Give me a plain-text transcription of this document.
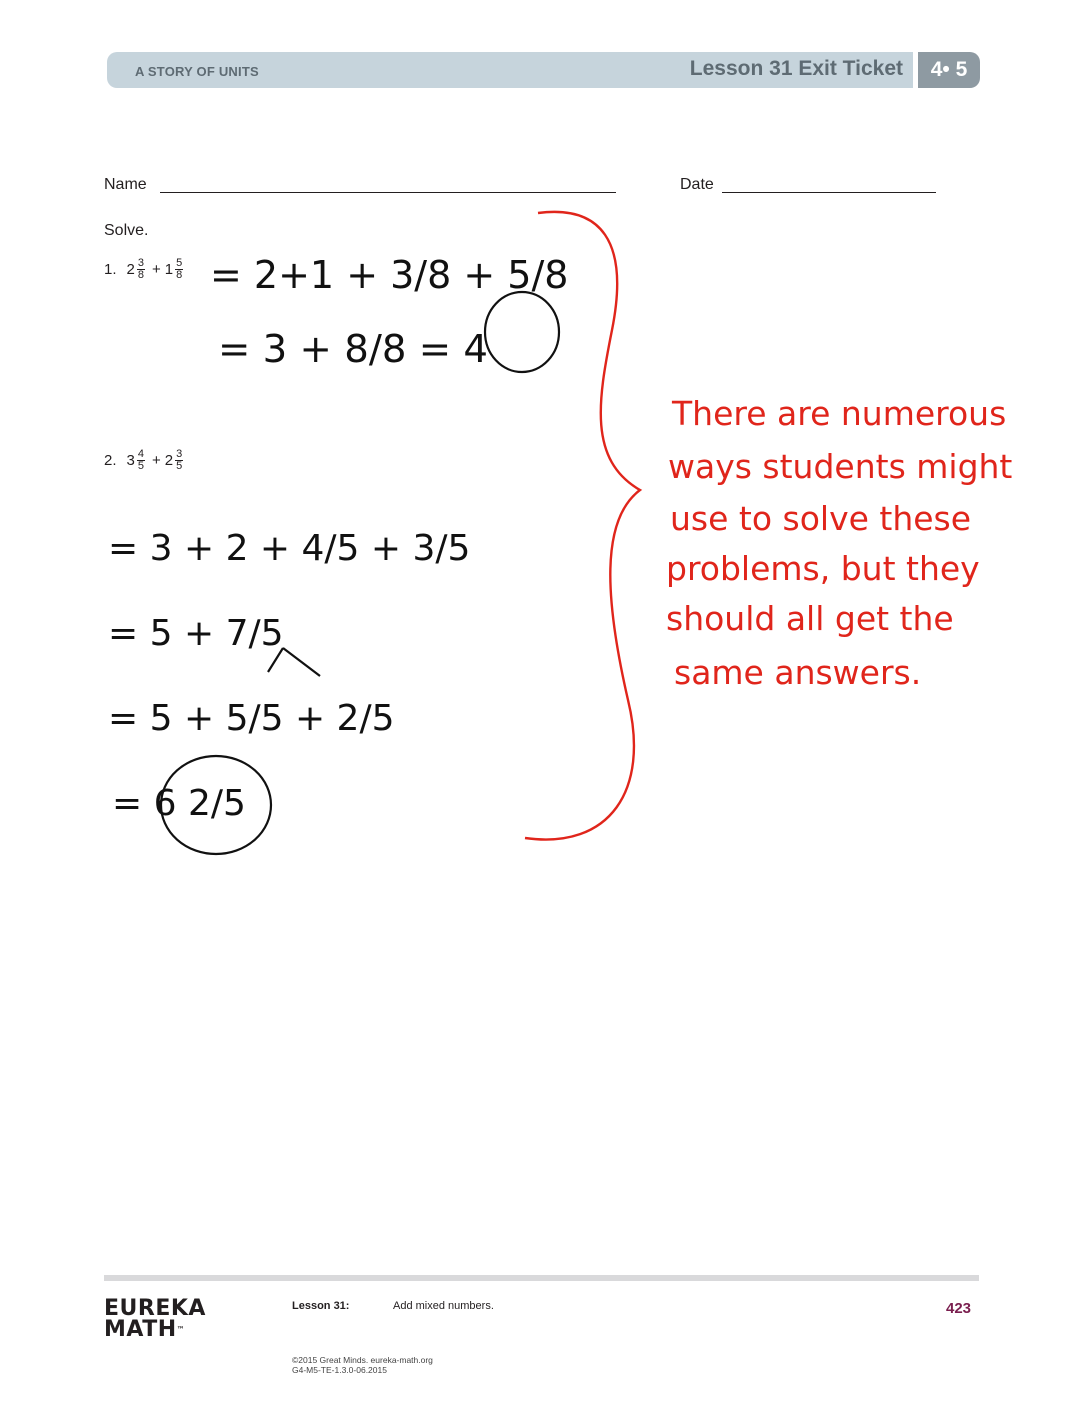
A STORY OF UNITS	Lesson 31 Exit Ticket	4• 5
Name	Date
Solve.
1. $2 \frac{3}{8} + 1 \frac{5}{8}$
2. $3 \frac{4}{5} + 2 \frac{3}{5}$
= 2+1 + 3/8 + 5/8
= 3 + 8/8 = 4
= 3 + 2 + 4/5 + 3/5
= 5 + 7/5
= 5 + 5/5 + 2/5
= 6 2/5
There are numerous
ways students might
use to solve these
problems, but they
should all get the
same answers.
EUREKA
MATH™
Lesson 31:	Add mixed numbers.	423
©2015 Great Minds. eureka-math.org
G4-M5-TE-1.3.0-06.2015
